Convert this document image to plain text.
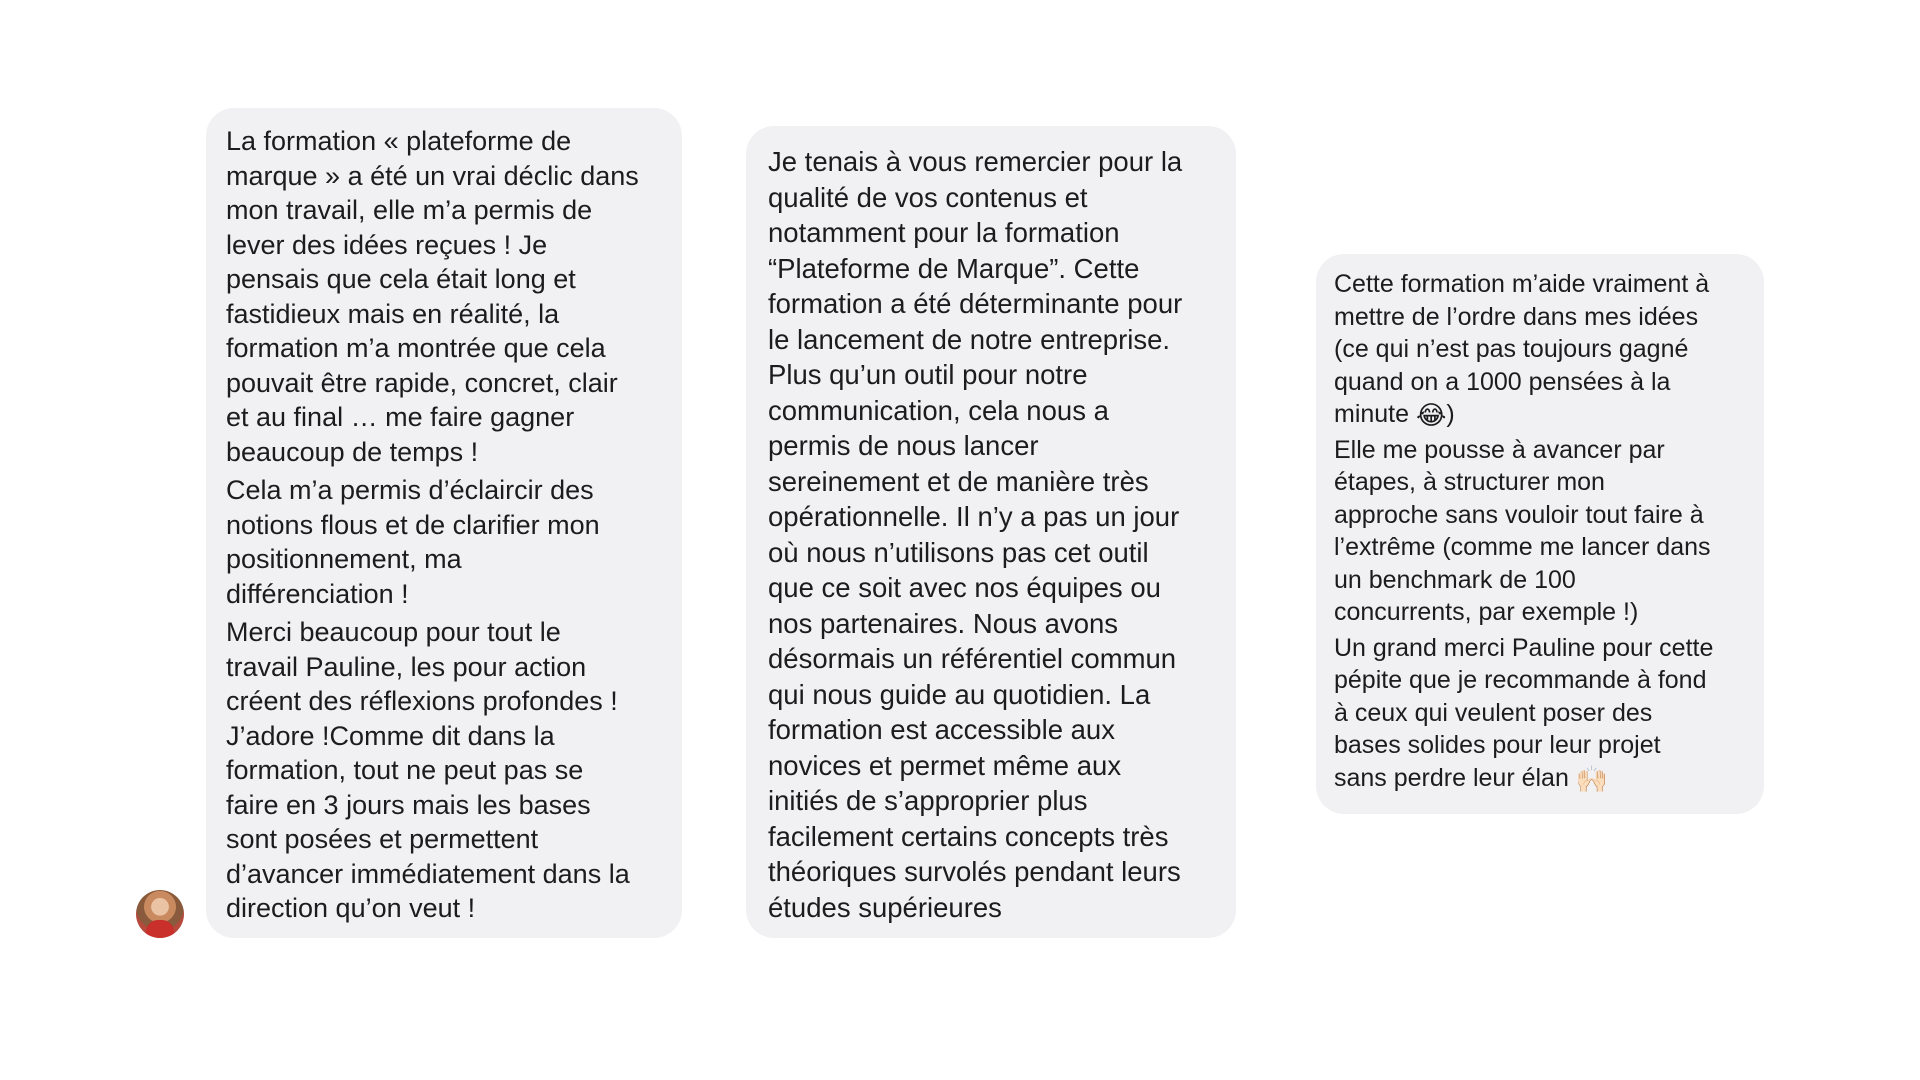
La formation « plateforme de
marque » a été un vrai déclic dans
mon travail, elle m’a permis de
lever des idées reçues ! Je
pensais que cela était long et
fastidieux mais en réalité, la
formation m’a montrée que cela
pouvait être rapide, concret, clair
et au final … me faire gagner
beaucoup de temps !

Cela m’a permis d’éclaircir des
notions flous et de clarifier mon
positionnement, ma
différenciation !

Merci beaucoup pour tout le
travail Pauline, les pour action
créent des réflexions profondes !
J’adore !Comme dit dans la
formation, tout ne peut pas se
faire en 3 jours mais les bases
sont posées et permettent
d’avancer immédiatement dans la
direction qu’on veut !

Je tenais à vous remercier pour la
qualité de vos contenus et
notamment pour la formation
“Plateforme de Marque”. Cette
formation a été déterminante pour
le lancement de notre entreprise.
Plus qu’un outil pour notre
communication, cela nous a
permis de nous lancer
sereinement et de manière très
opérationnelle. Il n’y a pas un jour
où nous n’utilisons pas cet outil
que ce soit avec nos équipes ou
nos partenaires. Nous avons
désormais un référentiel commun
qui nous guide au quotidien. La
formation est accessible aux
novices et permet même aux
initiés de s’approprier plus
facilement certains concepts très
théoriques survolés pendant leurs
études supérieures

Cette formation m’aide vraiment à
mettre de l’ordre dans mes idées
(ce qui n’est pas toujours gagné
quand on a 1000 pensées à la
minute 😂)

Elle me pousse à avancer par
étapes, à structurer mon
approche sans vouloir tout faire à
l’extrême (comme me lancer dans
un benchmark de 100
concurrents, par exemple !)

Un grand merci Pauline pour cette
pépite que je recommande à fond
à ceux qui veulent poser des
bases solides pour leur projet
sans perdre leur élan 🙌🏻
